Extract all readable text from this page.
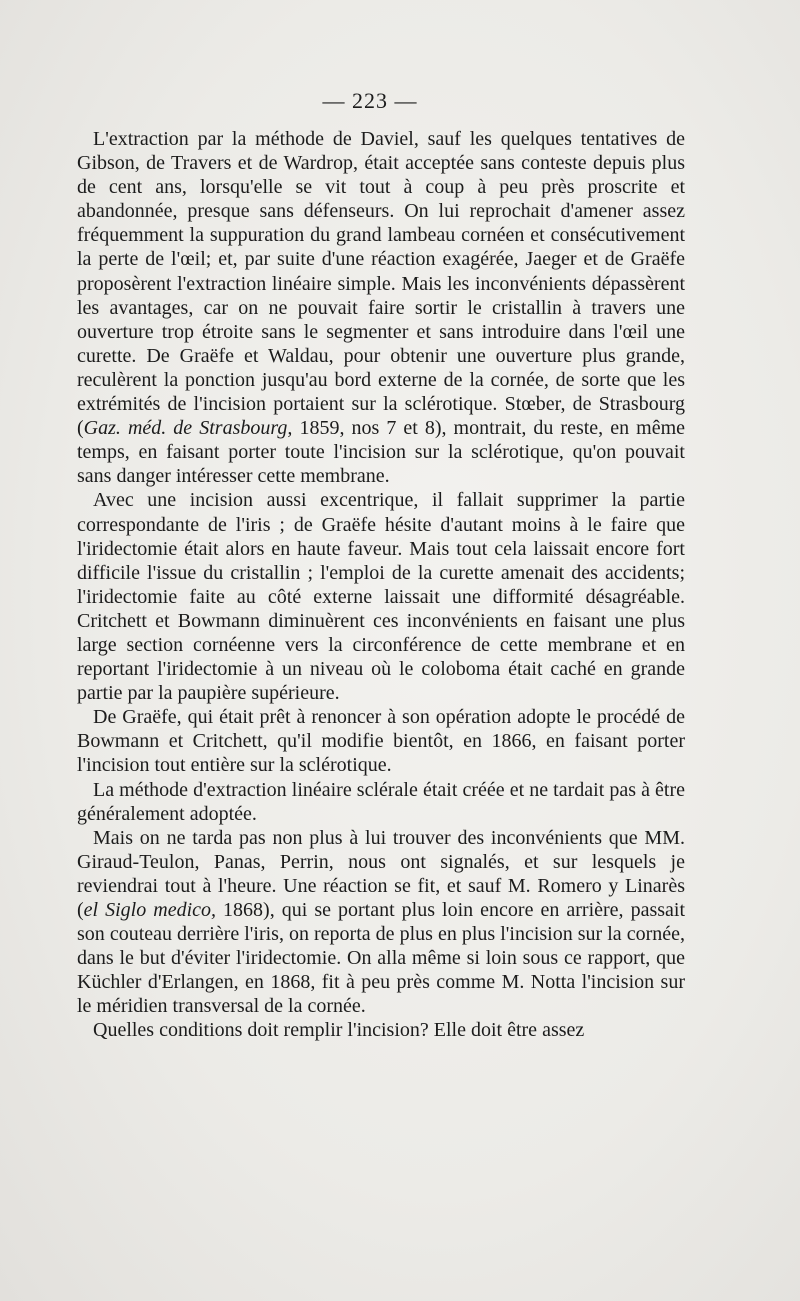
— 223 —

L'extraction par la méthode de Daviel, sauf les quelques tentatives de Gibson, de Travers et de Wardrop, était acceptée sans conteste depuis plus de cent ans, lorsqu'elle se vit tout à coup à peu près proscrite et abandonnée, presque sans défenseurs. On lui reprochait d'amener assez fréquemment la suppuration du grand lambeau cornéen et consécutivement la perte de l'œil; et, par suite d'une réaction exagérée, Jaeger et de Graëfe proposèrent l'extraction linéaire simple. Mais les inconvénients dépassèrent les avantages, car on ne pouvait faire sortir le cristallin à travers une ouverture trop étroite sans le segmenter et sans introduire dans l'œil une curette. De Graëfe et Waldau, pour obtenir une ouverture plus grande, reculèrent la ponction jusqu'au bord externe de la cornée, de sorte que les extrémités de l'incision portaient sur la sclérotique. Stœber, de Strasbourg (Gaz. méd. de Strasbourg, 1859, nos 7 et 8), montrait, du reste, en même temps, en faisant porter toute l'incision sur la sclérotique, qu'on pouvait sans danger intéresser cette membrane.

Avec une incision aussi excentrique, il fallait supprimer la partie correspondante de l'iris ; de Graëfe hésite d'autant moins à le faire que l'iridectomie était alors en haute faveur. Mais tout cela laissait encore fort difficile l'issue du cristallin ; l'emploi de la curette amenait des accidents; l'iridectomie faite au côté externe laissait une difformité désagréable. Critchett et Bowmann diminuèrent ces inconvénients en faisant une plus large section cornéenne vers la circonférence de cette membrane et en reportant l'iridectomie à un niveau où le coloboma était caché en grande partie par la paupière supérieure.

De Graëfe, qui était prêt à renoncer à son opération adopte le procédé de Bowmann et Critchett, qu'il modifie bientôt, en 1866, en faisant porter l'incision tout entière sur la sclérotique.

La méthode d'extraction linéaire sclérale était créée et ne tardait pas à être généralement adoptée.

Mais on ne tarda pas non plus à lui trouver des inconvénients que MM. Giraud-Teulon, Panas, Perrin, nous ont signalés, et sur lesquels je reviendrai tout à l'heure. Une réaction se fit, et sauf M. Romero y Linarès (el Siglo medico, 1868), qui se portant plus loin encore en arrière, passait son couteau derrière l'iris, on reporta de plus en plus l'incision sur la cornée, dans le but d'éviter l'iridectomie. On alla même si loin sous ce rapport, que Küchler d'Erlangen, en 1868, fit à peu près comme M. Notta l'incision sur le méridien transversal de la cornée.

Quelles conditions doit remplir l'incision? Elle doit être assez
